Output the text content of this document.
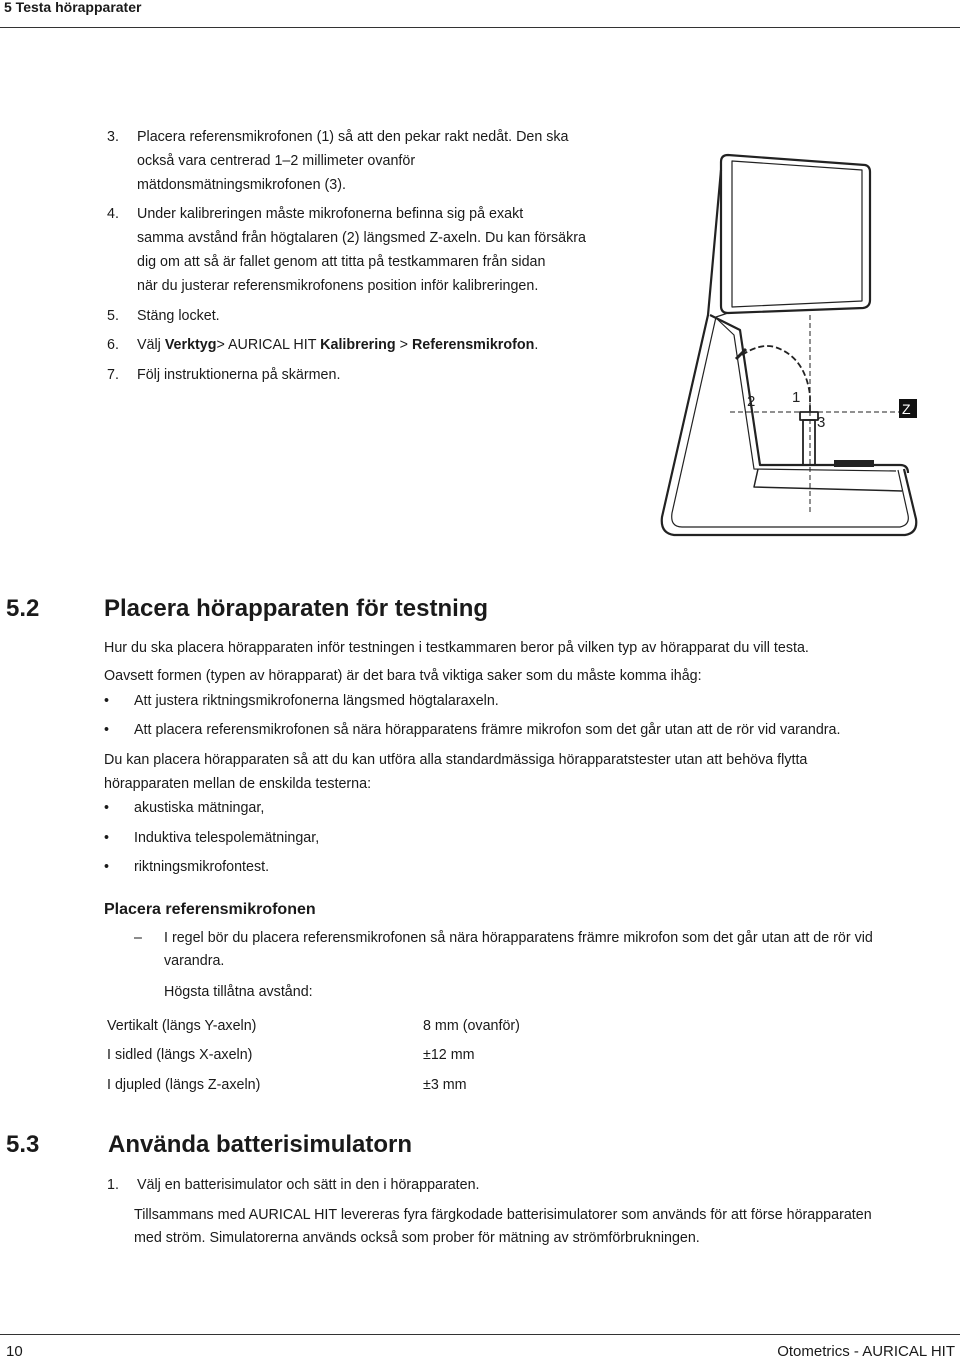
5 Testa hörapparater
3.	Placera referensmikrofonen (1) så att den pekar rakt nedåt. Den ska
också vara centrerad 1–2 millimeter ovanför
mätdonsmätningsmikrofonen (3).
4.	Under kalibreringen måste mikrofonerna befinna sig på exakt
samma avstånd från högtalaren (2) längsmed Z-axeln. Du kan försäkra
dig om att så är fallet genom att titta på testkammaren från sidan
när du justerar referensmikrofonens position inför kalibreringen.
5.	Stäng locket.
6.	Välj Verktyg> AURICAL HIT Kalibrering > Referensmikrofon.
7.	Följ instruktionerna på skärmen.
2 1
3
Z
5.2	Placera hörapparaten för testning
Hur du ska placera hörapparaten inför testningen i testkammaren beror på vilken typ av hörapparat du vill testa.
Oavsett formen (typen av hörapparat) är det bara två viktiga saker som du måste komma ihåg:
• Att justera riktningsmikrofonerna längsmed högtalaraxeln.
• Att placera referensmikrofonen så nära hörapparatens främre mikrofon som det går utan att de rör vid varandra.
Du kan placera hörapparaten så att du kan utföra alla standardmässiga hörapparatstester utan att behöva flytta
hörapparaten mellan de enskilda testerna:
• akustiska mätningar,
• Induktiva telespolemätningar,
• riktningsmikrofontest.
Placera referensmikrofonen
– I regel bör du placera referensmikrofonen så nära hörapparatens främre mikrofon som det går utan att de rör vid
varandra.
Högsta tillåtna avstånd:
Vertikalt (längs Y-axeln)	8 mm (ovanför)
I sidled (längs X-axeln)	±12 mm
I djupled (längs Z-axeln)	±3 mm
5.3	Använda batterisimulatorn
1.	Välj en batterisimulator och sätt in den i hörapparaten.
Tillsammans med AURICAL HIT levereras fyra färgkodade batterisimulatorer som används för att förse hörapparaten
med ström. Simulatorerna används också som prober för mätning av strömförbrukningen.
10	Otometrics - AURICAL HIT
